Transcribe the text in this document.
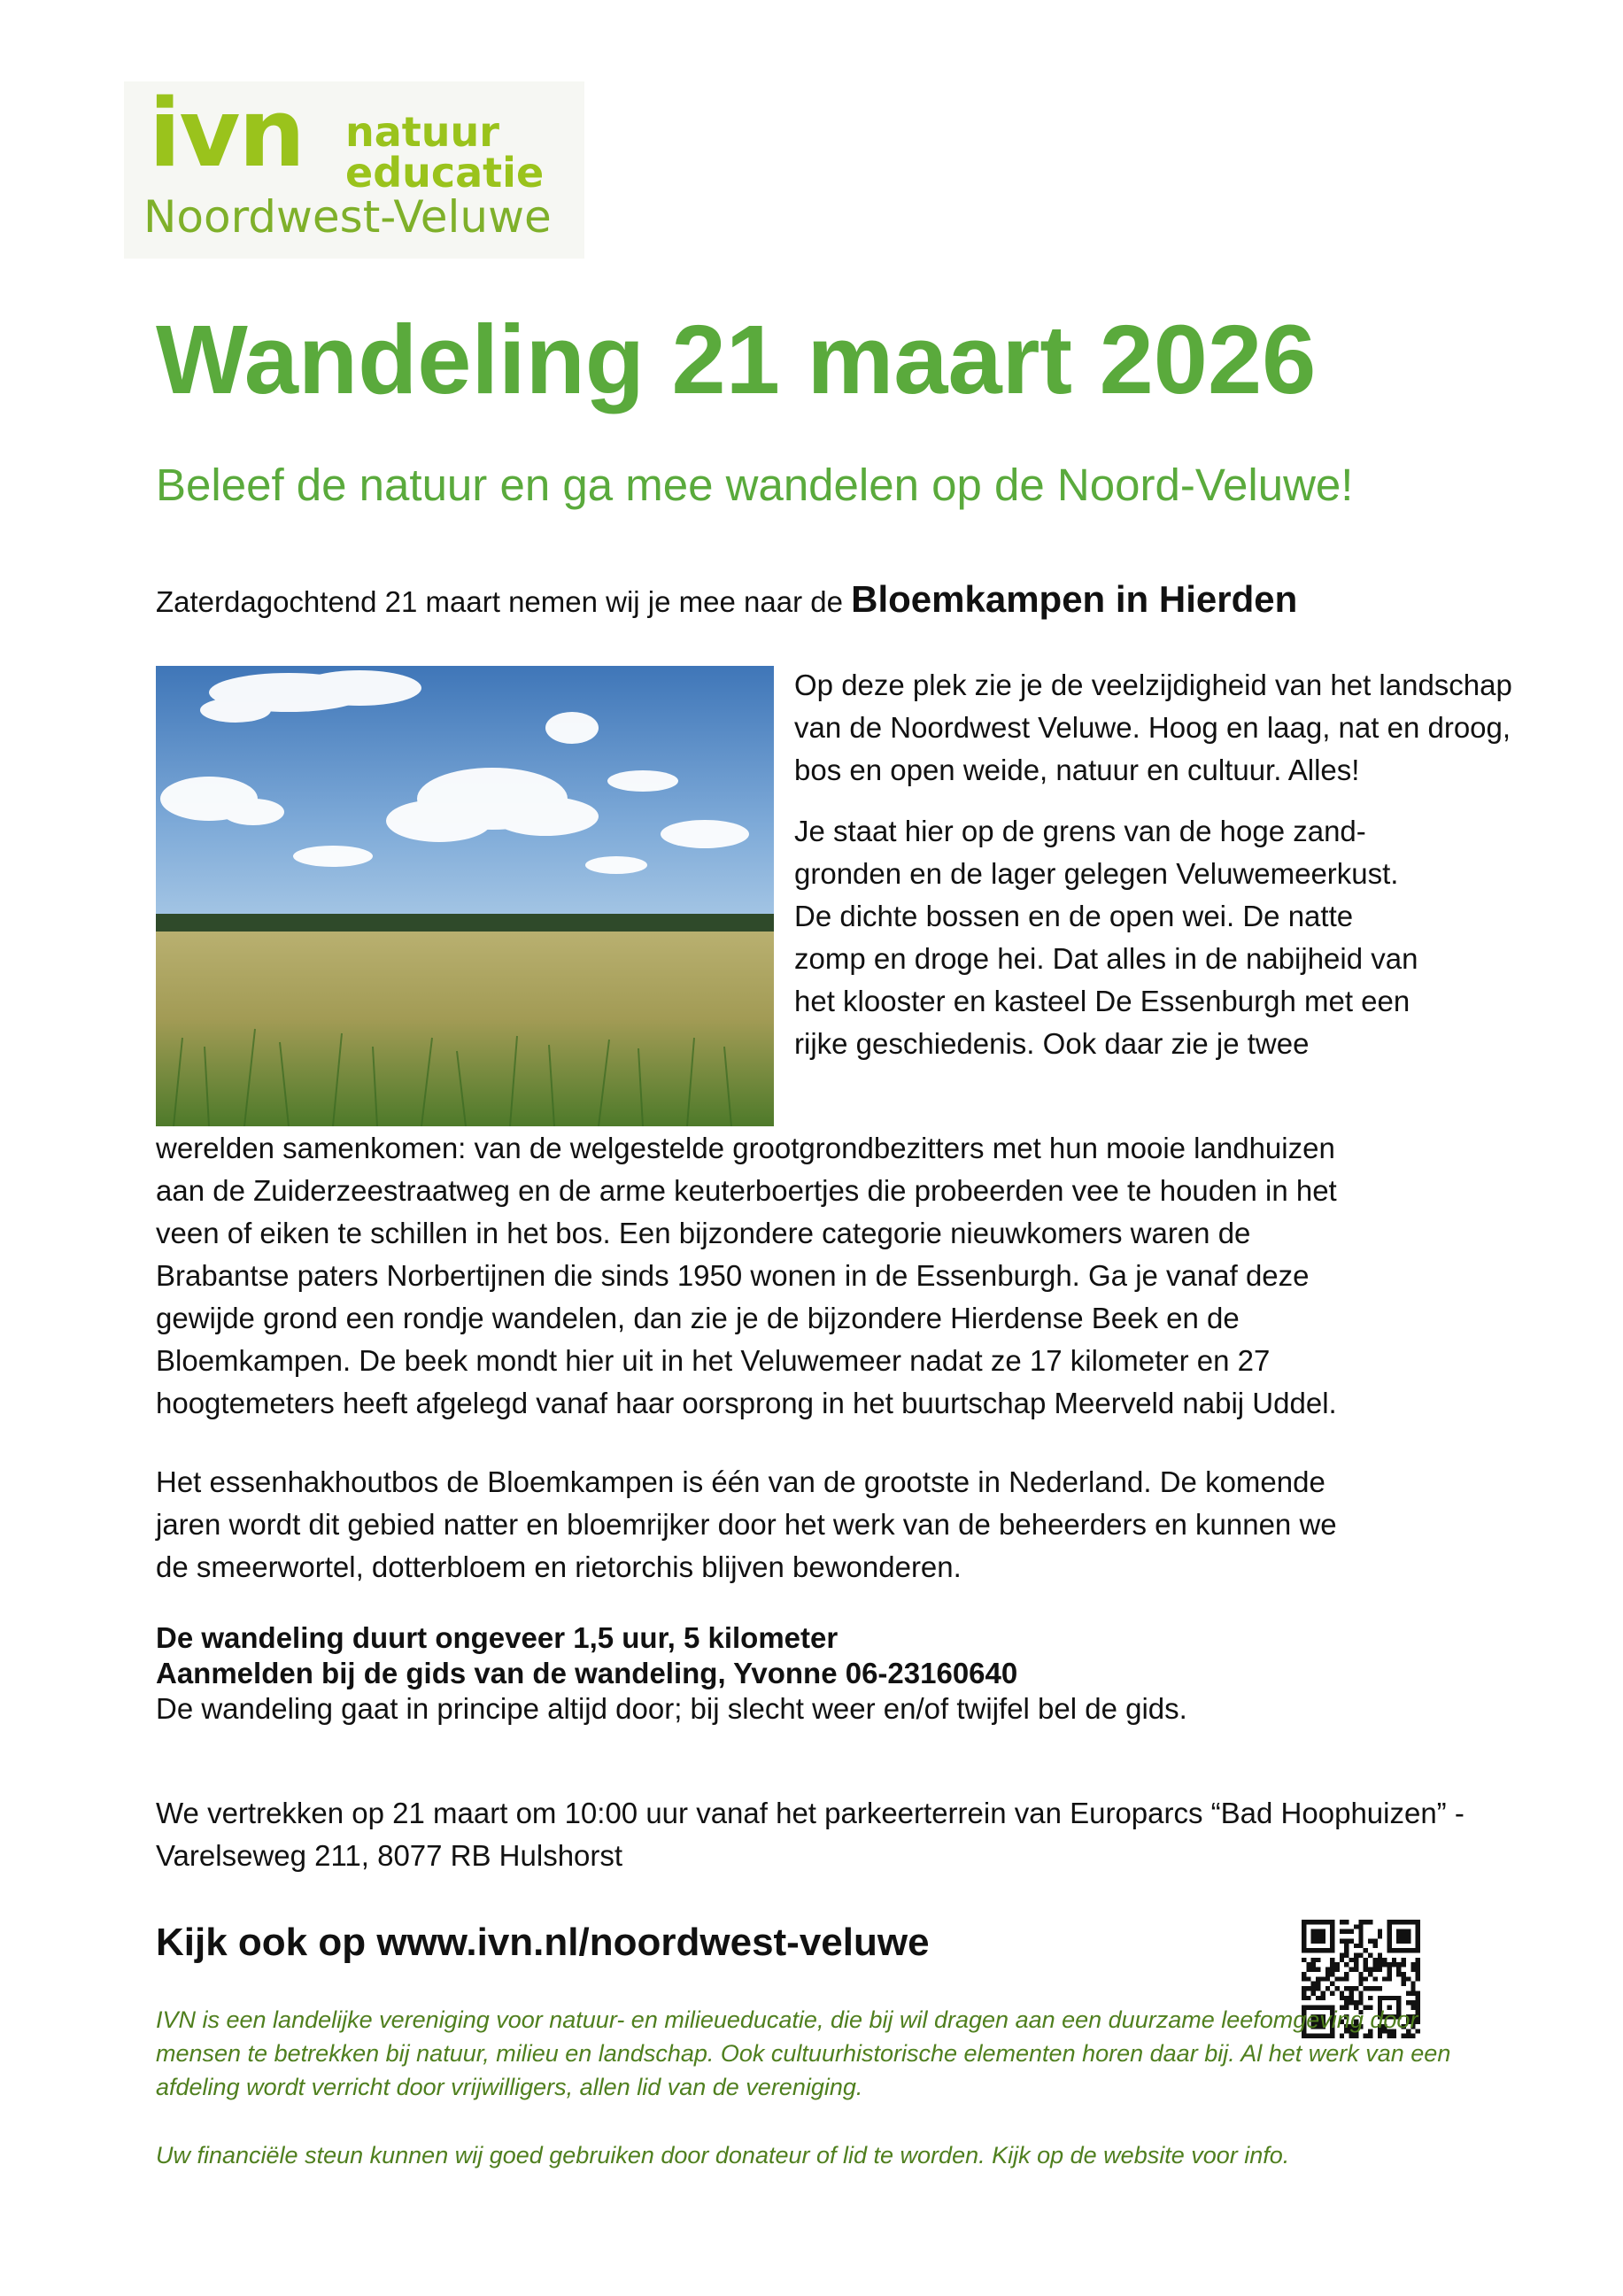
ivn natuur
educatie
Noordwest-Veluwe
Wandeling 21 maart 2026
Beleef de natuur en ga mee wandelen op de Noord-Veluwe!
Zaterdagochtend 21 maart nemen wij je mee naar de Bloemkampen in Hierden

Op deze plek zie je de veelzijdigheid van het landschap van de Noordwest Veluwe. Hoog en laag, nat en droog, bos en open weide, natuur en cultuur. Alles!

Je staat hier op de grens van de hoge zand-
gronden en de lager gelegen Veluwemeerkust.
De dichte bossen en de open wei. De natte
zomp en droge hei. Dat alles in de nabijheid van
het klooster en kasteel De Essenburgh met een
rijke geschiedenis. Ook daar zie je twee
werelden samenkomen: van de welgestelde grootgrondbezitters met hun mooie landhuizen
aan de Zuiderzeestraatweg en de arme keuterboertjes die probeerden vee te houden in het
veen of eiken te schillen in het bos. Een bijzondere categorie nieuwkomers waren de
Brabantse paters Norbertijnen die sinds 1950 wonen in de Essenburgh. Ga je vanaf deze
gewijde grond een rondje wandelen, dan zie je de bijzondere Hierdense Beek en de
Bloemkampen. De beek mondt hier uit in het Veluwemeer nadat ze 17 kilometer en 27
hoogtemeters heeft afgelegd vanaf haar oorsprong in het buurtschap Meerveld nabij Uddel.
Het essenhakhoutbos de Bloemkampen is één van de grootste in Nederland. De komende
jaren wordt dit gebied natter en bloemrijker door het werk van de beheerders en kunnen we
de smeerwortel, dotterbloem en rietorchis blijven bewonderen.
De wandeling duurt ongeveer 1,5 uur, 5 kilometer
Aanmelden bij de gids van de wandeling, Yvonne 06-23160640
De wandeling gaat in principe altijd door; bij slecht weer en/of twijfel bel de gids.
We vertrekken op 21 maart om 10:00 uur vanaf het parkeerterrein van Europarcs “Bad Hoophuizen” - Varelseweg 211, 8077 RB Hulshorst
Kijk ook op www.ivn.nl/noordwest-veluwe
IVN is een landelijke vereniging voor natuur- en milieueducatie, die bij wil dragen aan een duurzame leefomgeving door mensen te betrekken bij natuur, milieu en landschap. Ook cultuurhistorische elementen horen daar bij. Al het werk van een afdeling wordt verricht door vrijwilligers, allen lid van de vereniging.
Uw financiële steun kunnen wij goed gebruiken door donateur of lid te worden. Kijk op de website voor info.
